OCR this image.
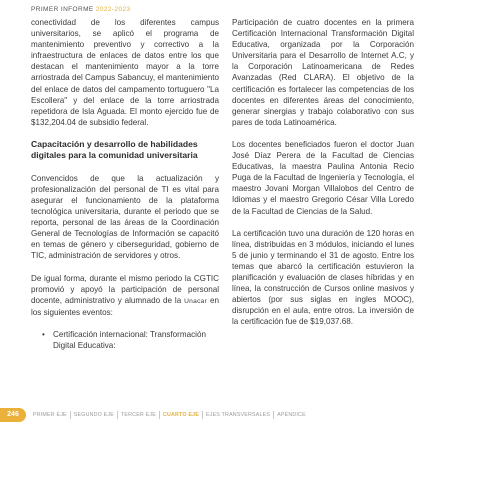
PRIMER INFORME 2022-2023

conectividad de los diferentes campus universitarios, se aplicó el programa de mantenimiento preventivo y correctivo a la infraestructura de enlaces de datos entre los que destacan el mantenimiento mayor a la torre arriostrada del Campus Sabancuy, el mantenimiento del enlace de datos del campamento tortuguero "La Escollera" y del enlace de la torre arriostrada repetidora de Isla Aguada. El monto ejercido fue de $132,204.04 de subsidio federal.

Capacitación y desarrollo de habilidades digitales para la comunidad universitaria

Convencidos de que la actualización y profesionalización del personal de TI es vital para asegurar el funcionamiento de la plataforma tecnológica universitaria, durante el periodo que se reporta, personal de las áreas de la Coordinación General de Tecnologías de Información se capacitó en temas de género y ciberseguridad, gobierno de TIC, administración de servidores y otros.

De igual forma, durante el mismo periodo la CGTIC promovió y apoyó la participación de personal docente, administrativo y alumnado de la Unacar en los siguientes eventos:

• Certificación internacional: Transformación Digital Educativa:

Participación de cuatro docentes en la primera Certificación Internacional Transformación Digital Educativa, organizada por la Corporación Universitaria para el Desarrollo de Internet A.C, y la Corporación Latinoamericana de Redes Avanzadas (Red CLARA). El objetivo de la certificación es fortalecer las competencias de los docentes en diferentes áreas del conocimiento, generar sinergias y trabajo colaborativo con sus pares de toda Latinoamérica.

Los docentes beneficiados fueron el doctor Juan José Díaz Perera de la Facultad de Ciencias Educativas, la maestra Paulina Antonia Recio Puga de la Facultad de Ingeniería y Tecnología, el maestro Jovani Morgan Villalobos del Centro de Idiomas y el maestro Gregorio César Villa Loredo de la Facultad de Ciencias de la Salud.

La certificación tuvo una duración de 120 horas en línea, distribuidas en 3 módulos, iniciando el lunes 5 de junio y terminando el 31 de agosto. Entre los temas que abarcó la certificación estuvieron la planificación y evaluación de clases híbridas y en línea, la construcción de Cursos online masivos y abiertos (por sus siglas en ingles MOOC), disrupción en el aula, entre otros. La inversión de la certificación fue de $19,037.68.

246	PRIMER EJE	SEGUNDO EJE	TERCER EJE	CUARTO EJE	EJES TRANSVERSALES	APÉNDICE
